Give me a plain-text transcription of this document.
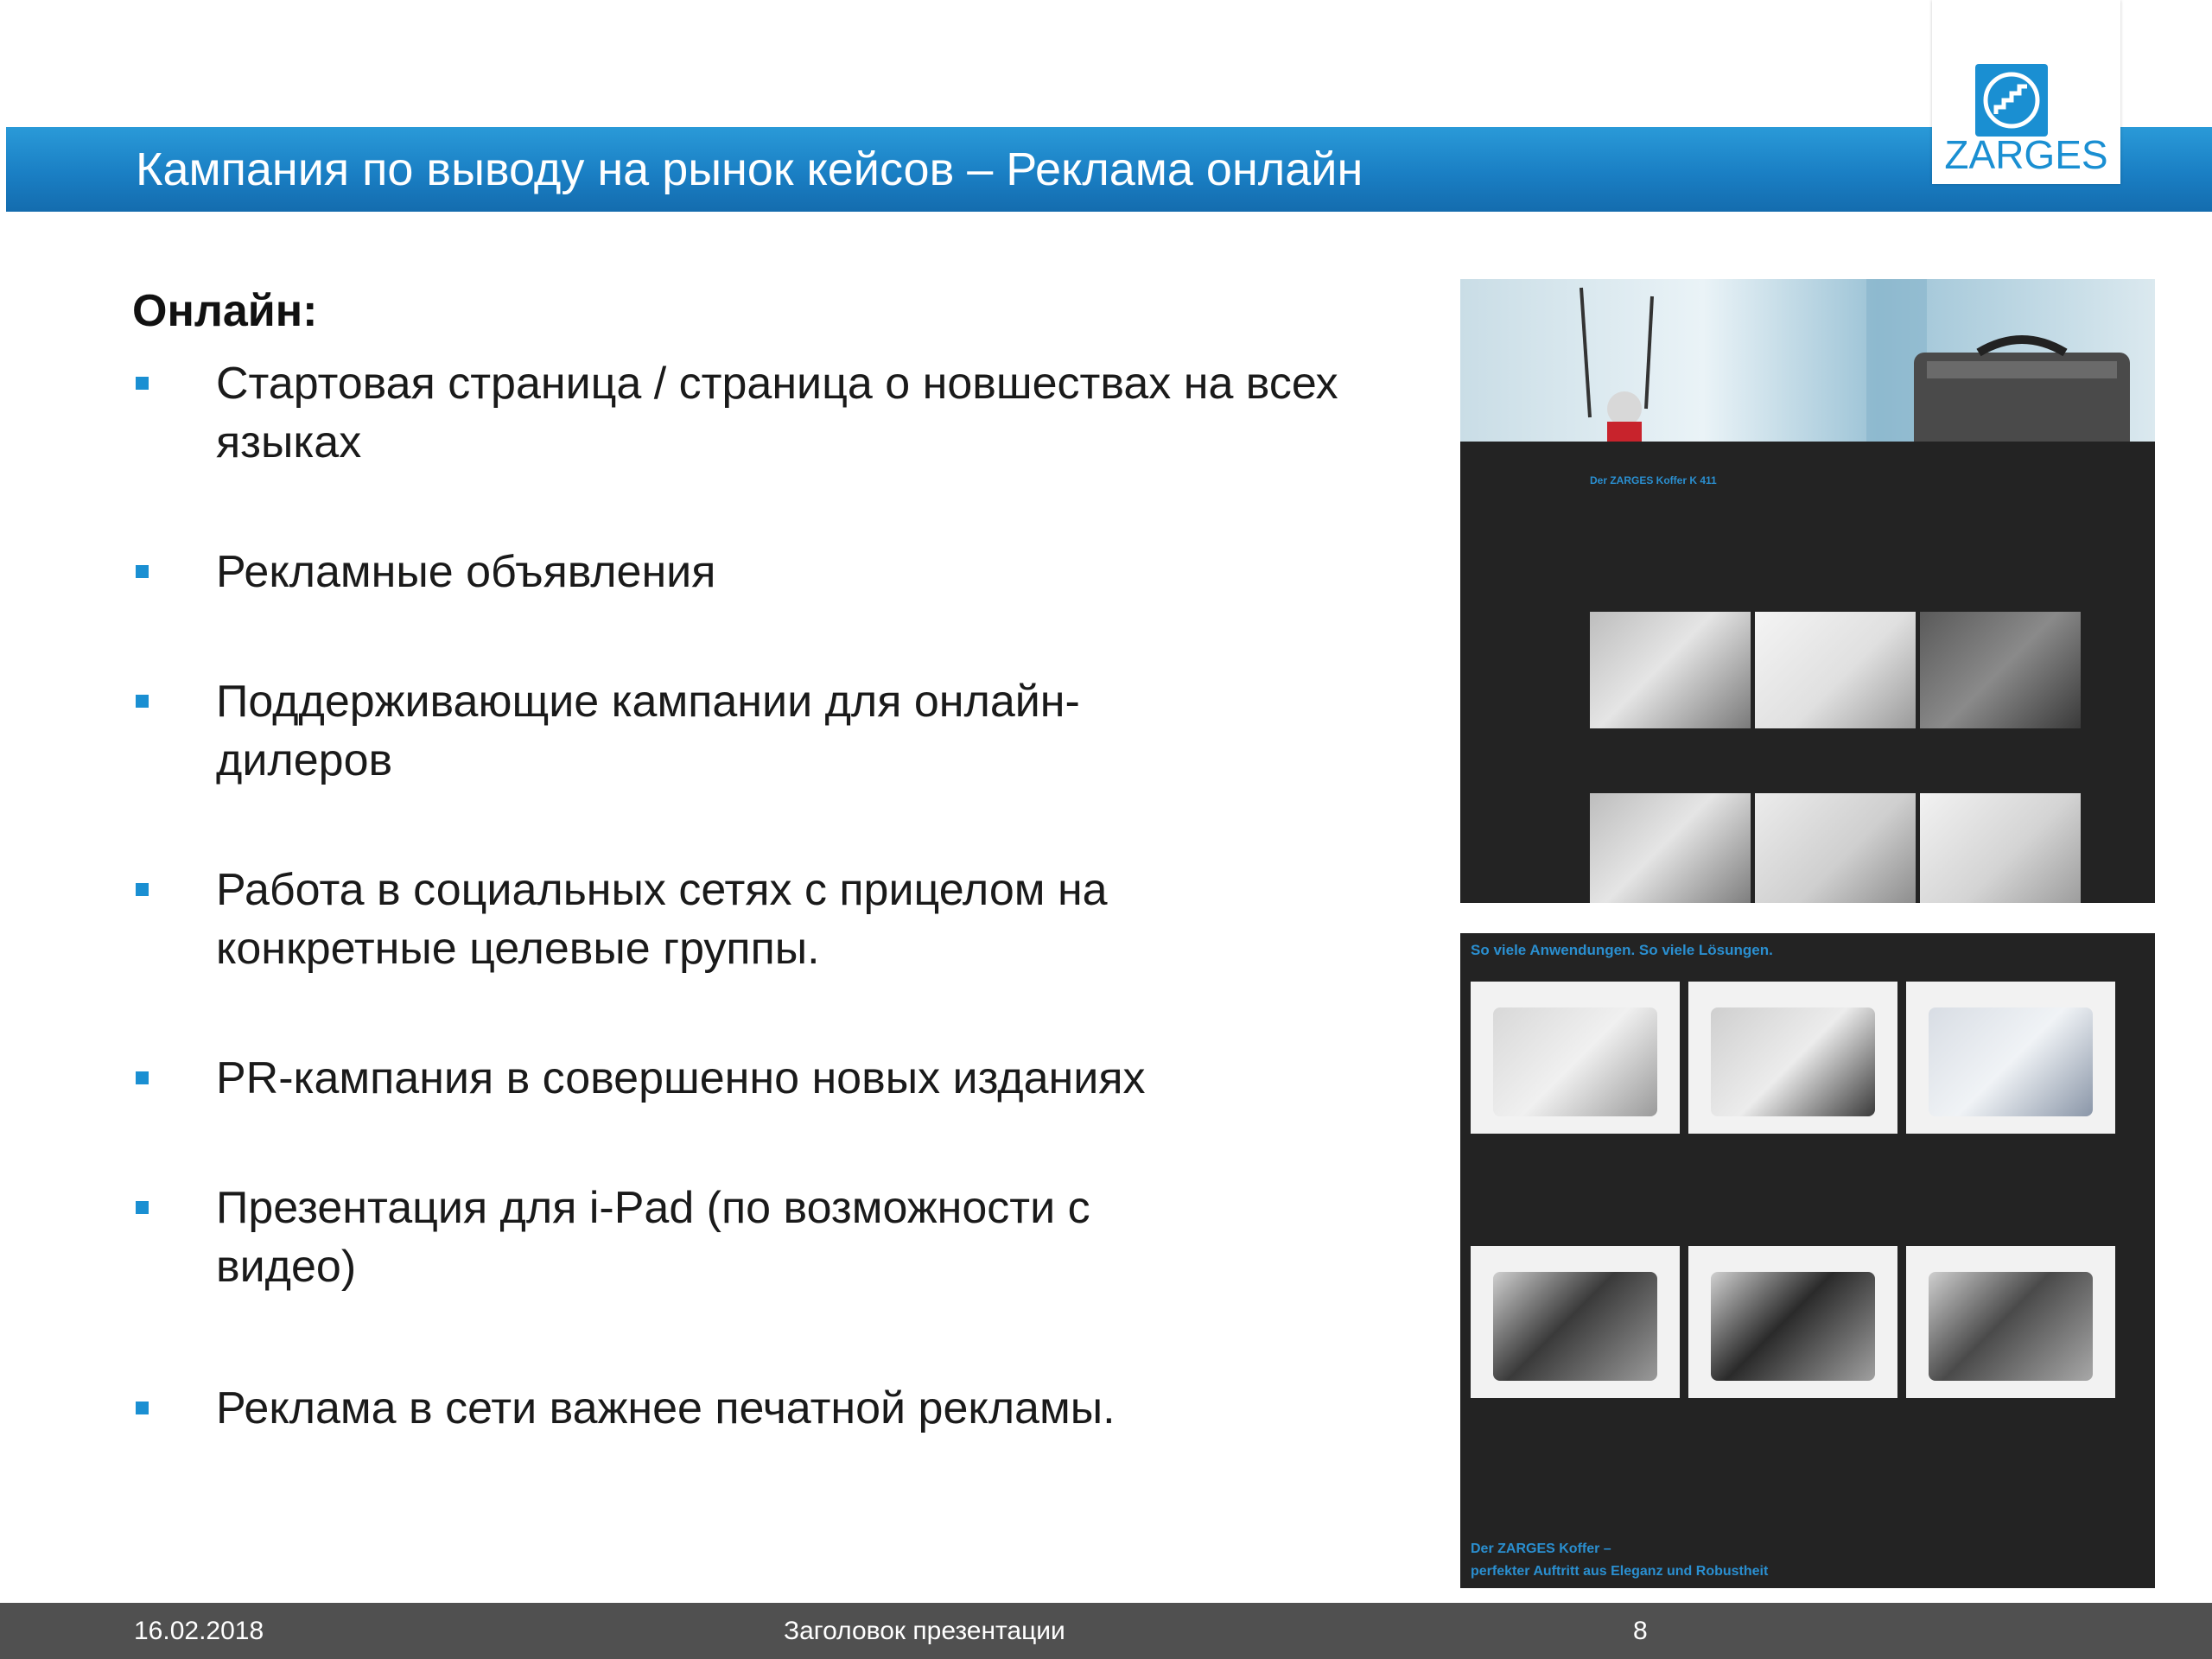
Кампания по выводу на рынок кейсов – Реклама онлайн	ZARGES
Онлайн:
Стартовая страница / страница о новшествах на всех языках
Рекламные объявления
Поддерживающие кампании для онлайн-дилеров
Работа в социальных сетях с прицелом на конкретные целевые группы.
PR-кампания в совершенно новых изданиях
Презентация для i-Pad (по возможности с видео)
Реклама в сети важнее печатной рекламы.
Der ZARGES Koffer K 411
So viele Anwendungen. So viele Lösungen.
Der ZARGES Koffer –
perfekter Auftritt aus Eleganz und Robustheit
16.02.2018	Заголовок презентации	8
